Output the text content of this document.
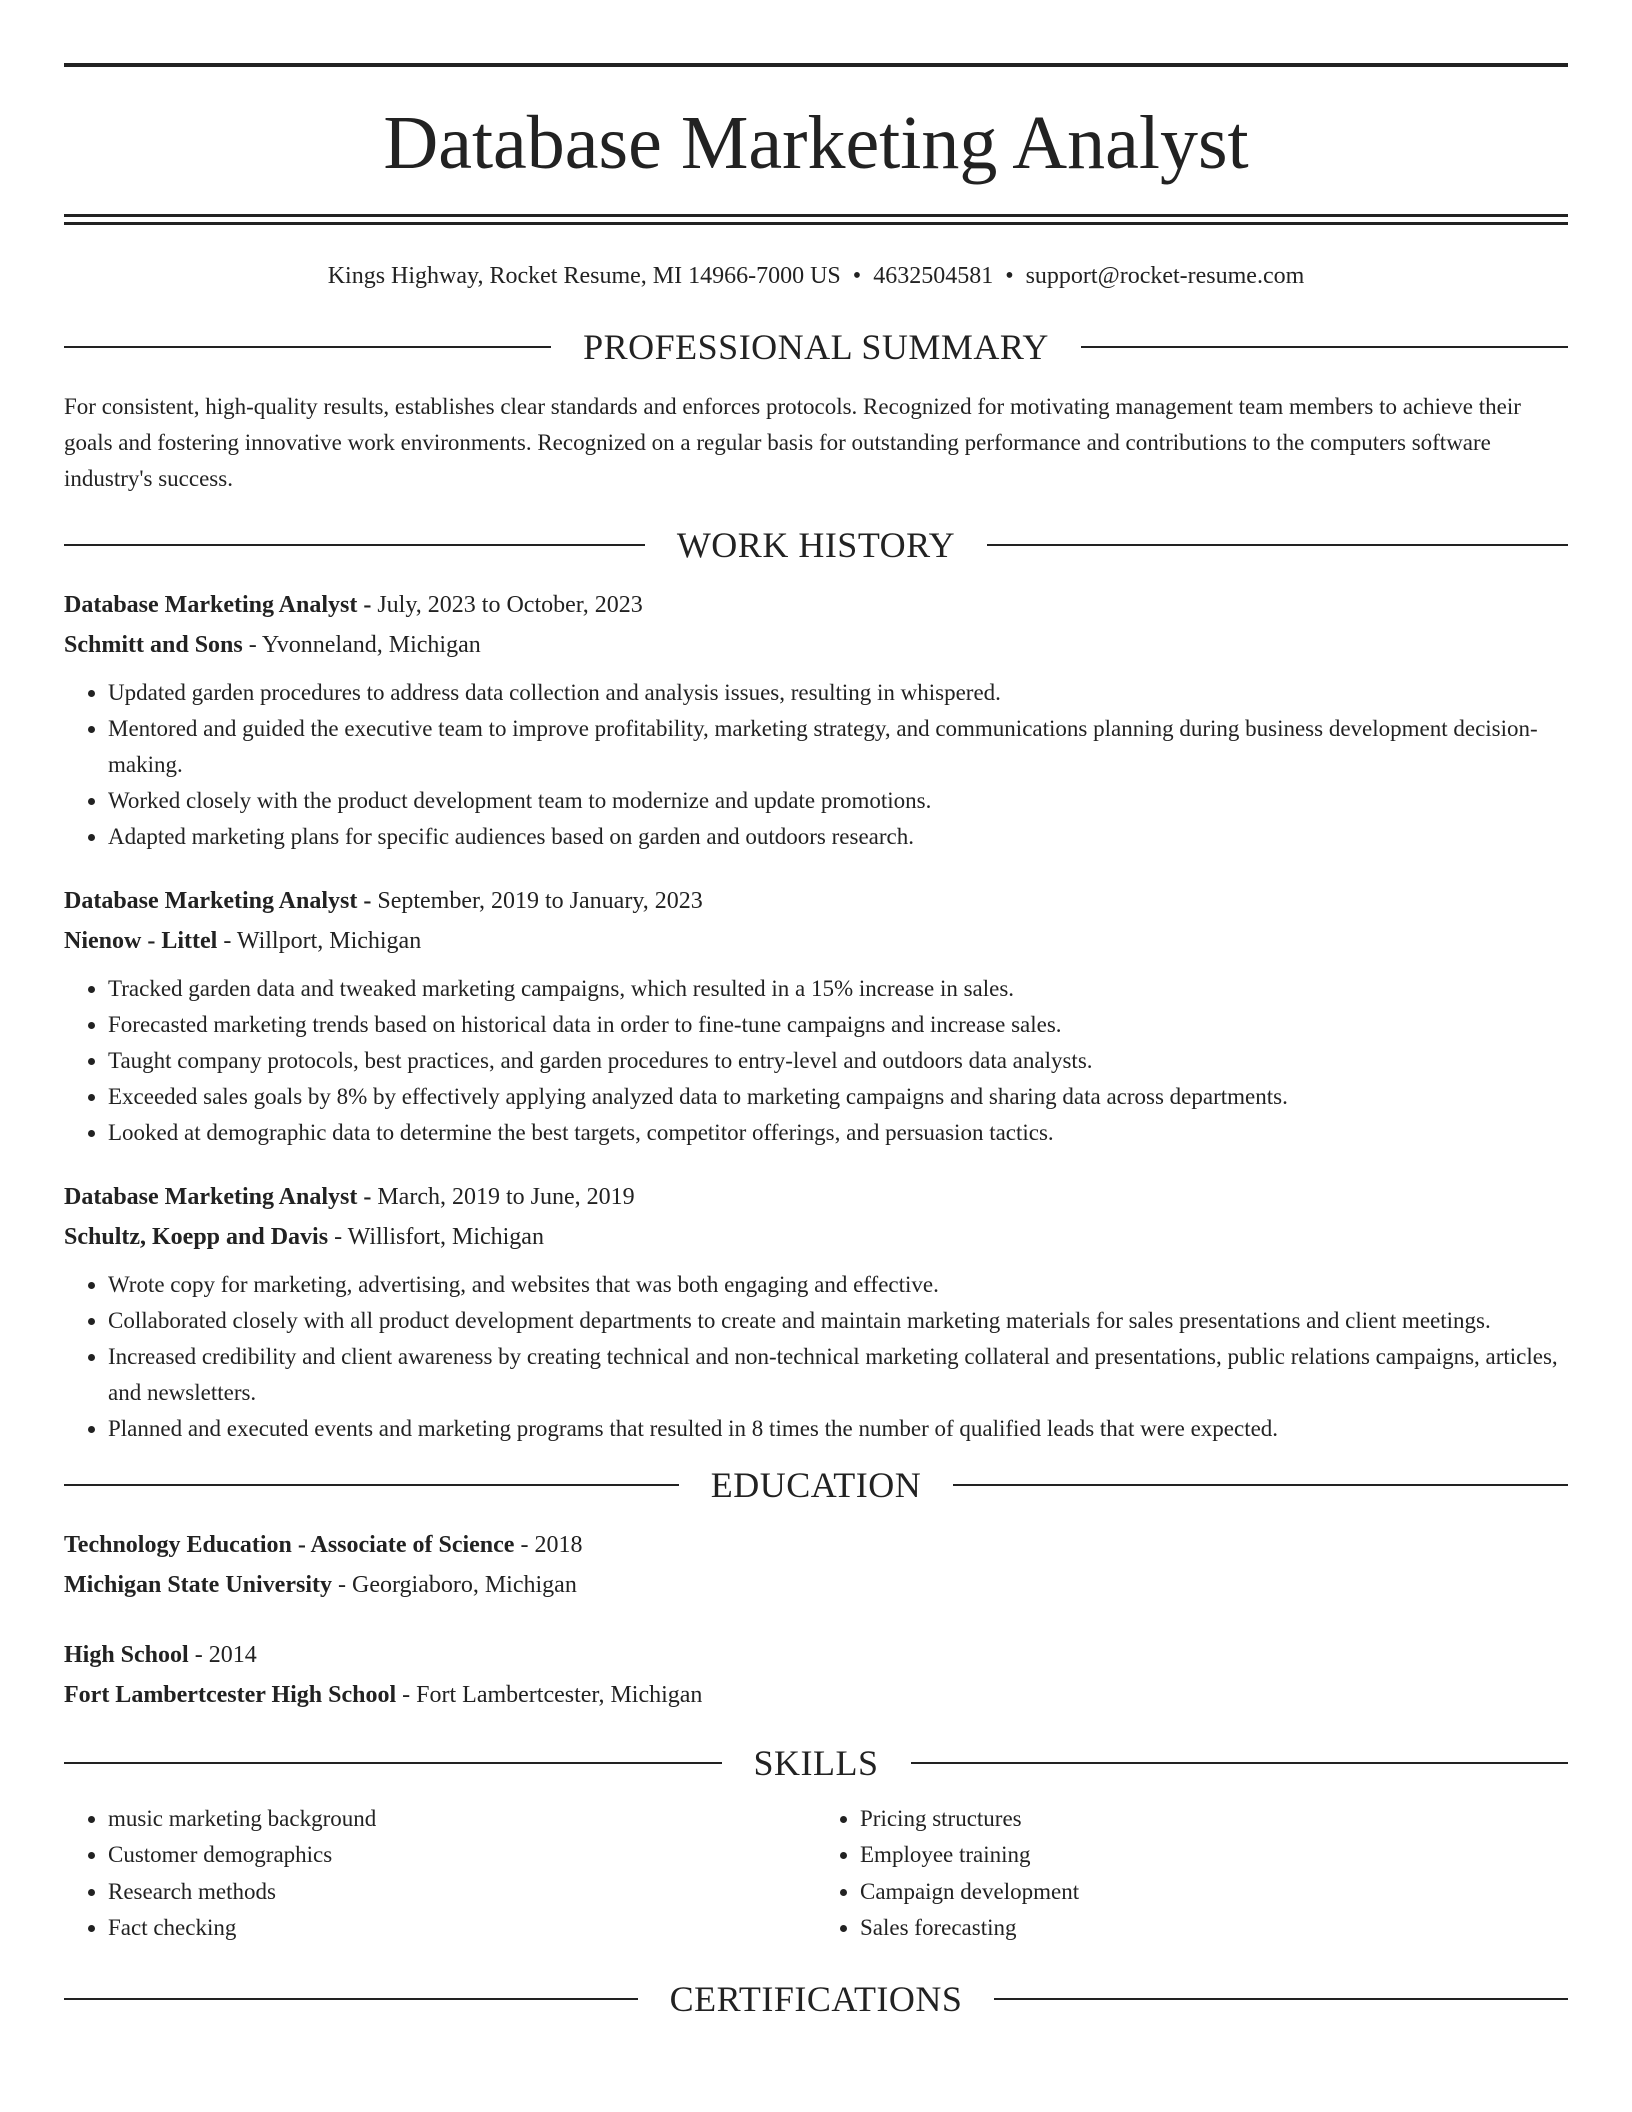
Database Marketing Analyst
Kings Highway, Rocket Resume, MI 14966-7000 US • 4632504581 • support@rocket-resume.com
PROFESSIONAL SUMMARY

For consistent, high-quality results, establishes clear standards and enforces protocols. Recognized for motivating management team members to achieve their goals and fostering innovative work environments. Recognized on a regular basis for outstanding performance and contributions to the computers software industry's success.

WORK HISTORY
Database Marketing Analyst - July, 2023 to October, 2023
Schmitt and Sons - Yvonneland, Michigan
• Updated garden procedures to address data collection and analysis issues, resulting in whispered.
• Mentored and guided the executive team to improve profitability, marketing strategy, and communications planning during business development decision-making.
• Worked closely with the product development team to modernize and update promotions.
• Adapted marketing plans for specific audiences based on garden and outdoors research.
Database Marketing Analyst - September, 2019 to January, 2023
Nienow - Littel - Willport, Michigan
• Tracked garden data and tweaked marketing campaigns, which resulted in a 15% increase in sales.
• Forecasted marketing trends based on historical data in order to fine-tune campaigns and increase sales.
• Taught company protocols, best practices, and garden procedures to entry-level and outdoors data analysts.
• Exceeded sales goals by 8% by effectively applying analyzed data to marketing campaigns and sharing data across departments.
• Looked at demographic data to determine the best targets, competitor offerings, and persuasion tactics.
Database Marketing Analyst - March, 2019 to June, 2019
Schultz, Koepp and Davis - Willisfort, Michigan
• Wrote copy for marketing, advertising, and websites that was both engaging and effective.
• Collaborated closely with all product development departments to create and maintain marketing materials for sales presentations and client meetings.
• Increased credibility and client awareness by creating technical and non-technical marketing collateral and presentations, public relations campaigns, articles, and newsletters.
• Planned and executed events and marketing programs that resulted in 8 times the number of qualified leads that were expected.
EDUCATION
Technology Education - Associate of Science - 2018
Michigan State University - Georgiaboro, Michigan
High School - 2014
Fort Lambertcester High School - Fort Lambertcester, Michigan
SKILLS
• music marketing background
• Customer demographics
• Research methods
• Fact checking
• Pricing structures
• Employee training
• Campaign development
• Sales forecasting
CERTIFICATIONS
